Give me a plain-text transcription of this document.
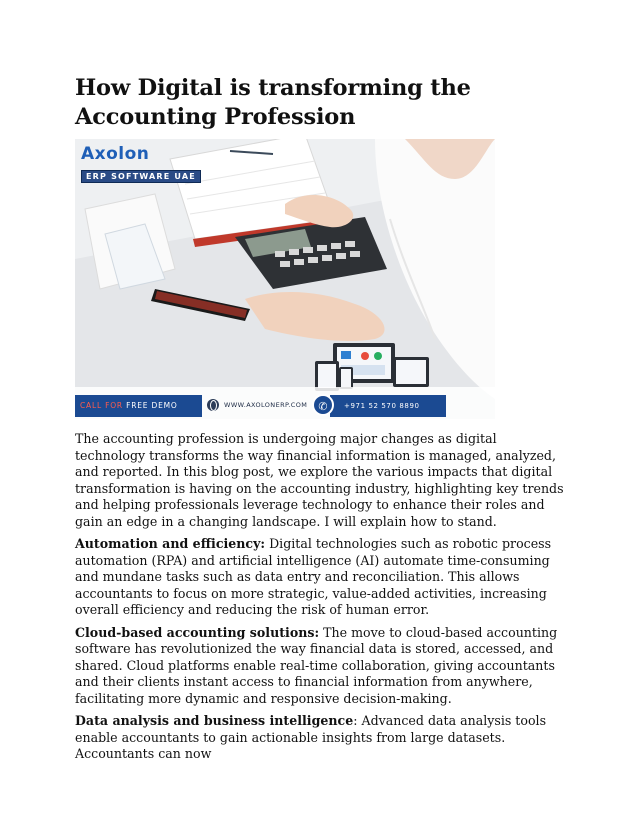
How Digital is transforming the Accounting Profession
Axolon
ERP SOFTWARE UAE
CALL FOR FREE DEMO	WWW.AXOLONERP.COM	+971 52 570 8890
✆

The accounting profession is undergoing major changes as digital technology transforms the way financial information is managed, analyzed, and reported. In this blog post, we explore the various impacts that digital transformation is having on the accounting industry, highlighting key trends and helping professionals leverage technology to enhance their roles and gain an edge in a changing landscape. I will explain how to stand.

Automation and efficiency: Digital technologies such as robotic process automation (RPA) and artificial intelligence (AI) automate time-consuming and mundane tasks such as data entry and reconciliation. This allows accountants to focus on more strategic, value-added activities, increasing overall efficiency and reducing the risk of human error.

Cloud-based accounting solutions: The move to cloud-based accounting software has revolutionized the way financial data is stored, accessed, and shared. Cloud platforms enable real-time collaboration, giving accountants and their clients instant access to financial information from anywhere, facilitating more dynamic and responsive decision-making.

Data analysis and business intelligence: Advanced data analysis tools enable accountants to gain actionable insights from large datasets. Accountants can now
